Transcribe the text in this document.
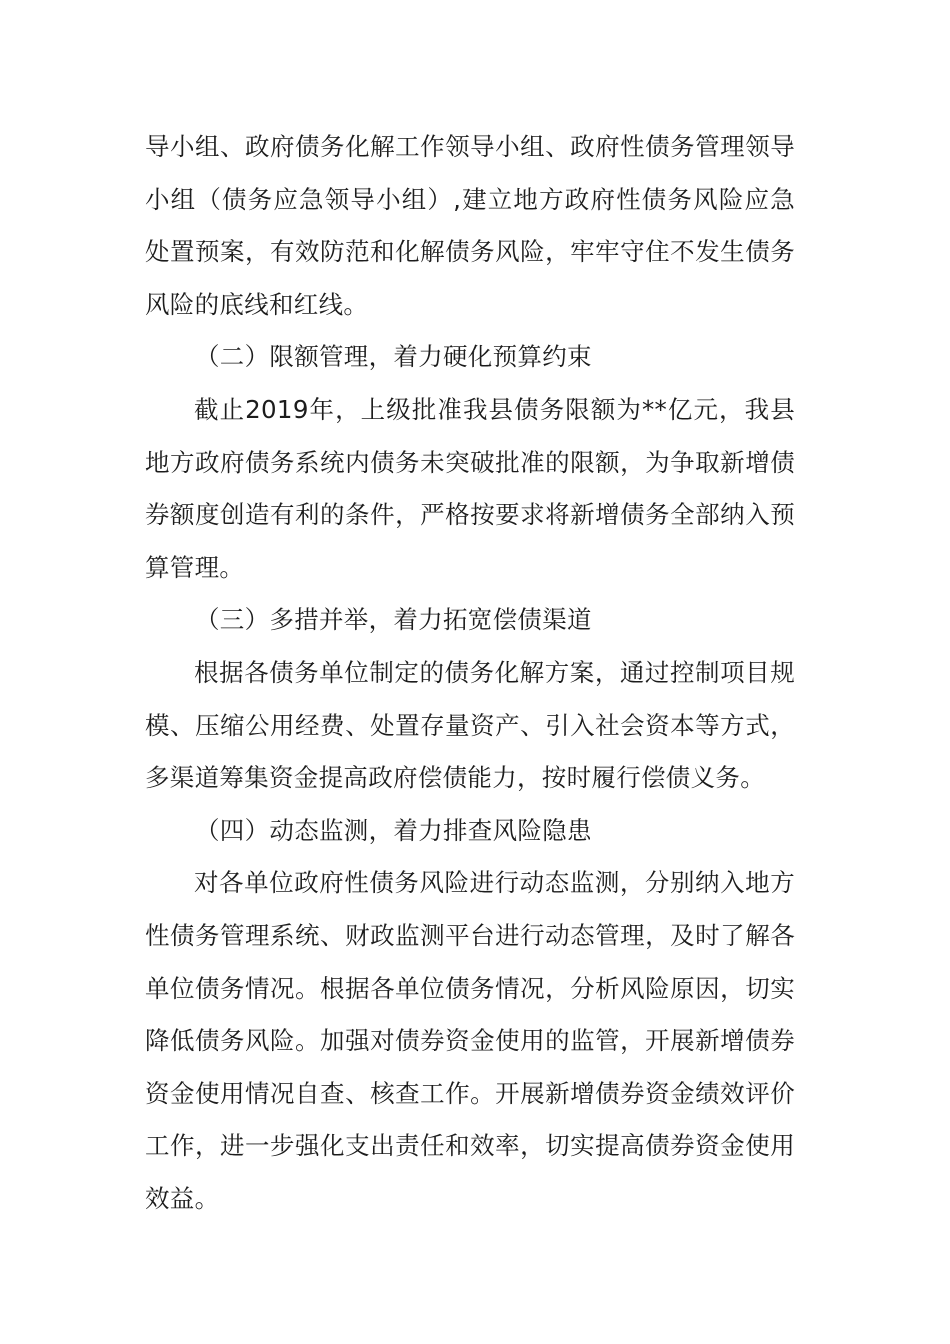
导小组、政府债务化解工作领导小组、政府性债务管理领导小组（债务应急领导小组）,建立地方政府性债务风险应急处置预案，有效防范和化解债务风险，牢牢守住不发生债务风险的底线和红线。

（二）限额管理，着力硬化预算约束

截止2019年，上级批准我县债务限额为**亿元，我县地方政府债务系统内债务未突破批准的限额，为争取新增债券额度创造有利的条件，严格按要求将新增债务全部纳入预算管理。

（三）多措并举，着力拓宽偿债渠道

根据各债务单位制定的债务化解方案，通过控制项目规模、压缩公用经费、处置存量资产、引入社会资本等方式，多渠道筹集资金提高政府偿债能力，按时履行偿债义务。

（四）动态监测，着力排查风险隐患

对各单位政府性债务风险进行动态监测，分别纳入地方性债务管理系统、财政监测平台进行动态管理，及时了解各单位债务情况。根据各单位债务情况，分析风险原因，切实降低债务风险。加强对债券资金使用的监管，开展新增债券资金使用情况自查、核查工作。开展新增债券资金绩效评价工作，进一步强化支出责任和效率，切实提高债券资金使用效益。
